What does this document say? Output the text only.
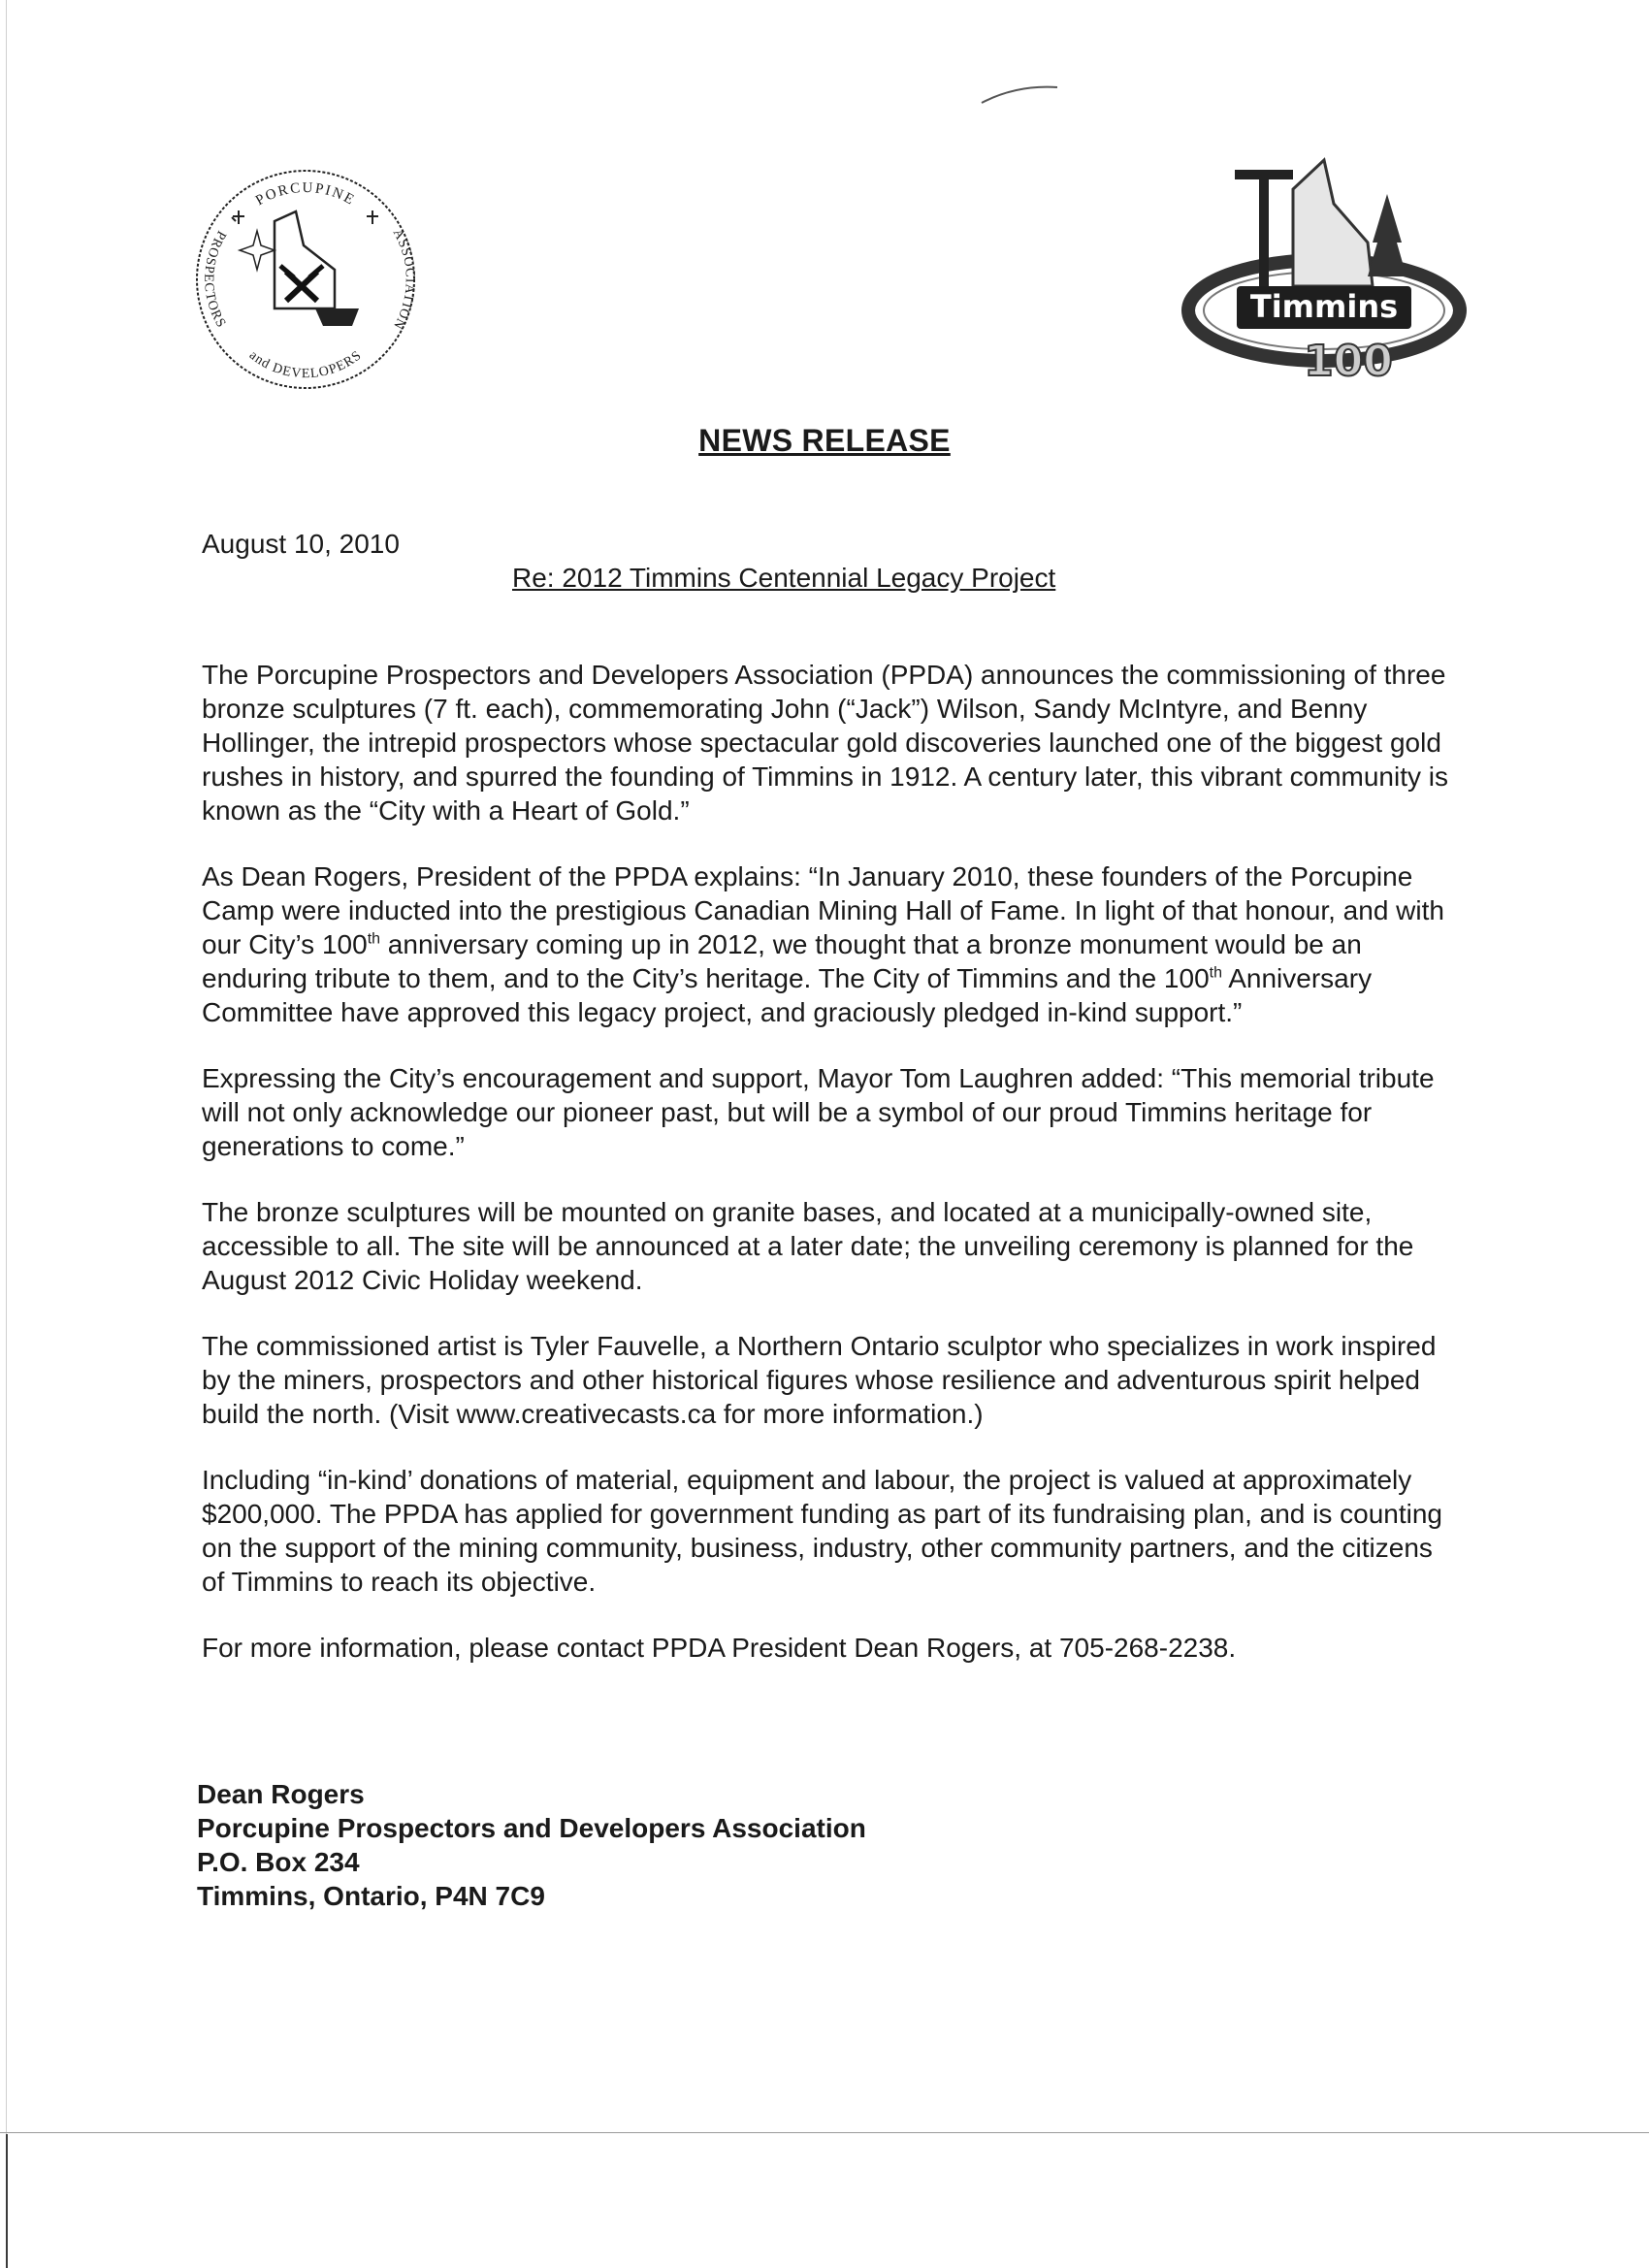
PORCUPINE
and DEVELOPERS
PROSPECTORS
ASSOCIATION	Timmins
100
NEWS RELEASE
August 10, 2010
Re: 2012 Timmins Centennial Legacy Project

The Porcupine Prospectors and Developers Association (PPDA) announces the commissioning of three bronze sculptures (7 ft. each), commemorating John (“Jack”) Wilson, Sandy McIntyre, and Benny Hollinger, the intrepid prospectors whose spectacular gold discoveries launched one of the biggest gold rushes in history, and spurred the founding of Timmins in 1912. A century later, this vibrant community is known as the “City with a Heart of Gold.”

As Dean Rogers, President of the PPDA explains: “In January 2010, these founders of the Porcupine Camp were inducted into the prestigious Canadian Mining Hall of Fame. In light of that honour, and with our City’s 100th anniversary coming up in 2012, we thought that a bronze monument would be an enduring tribute to them, and to the City’s heritage. The City of Timmins and the 100th Anniversary Committee have approved this legacy project, and graciously pledged in-kind support.”

Expressing the City’s encouragement and support, Mayor Tom Laughren added: “This memorial tribute will not only acknowledge our pioneer past, but will be a symbol of our proud Timmins heritage for generations to come.”

The bronze sculptures will be mounted on granite bases, and located at a municipally-owned site, accessible to all. The site will be announced at a later date; the unveiling ceremony is planned for the August 2012 Civic Holiday weekend.

The commissioned artist is Tyler Fauvelle, a Northern Ontario sculptor who specializes in work inspired by the miners, prospectors and other historical figures whose resilience and adventurous spirit helped build the north. (Visit www.creativecasts.ca for more information.)

Including “in-kind’ donations of material, equipment and labour, the project is valued at approximately $200,000. The PPDA has applied for government funding as part of its fundraising plan, and is counting on the support of the mining community, business, industry, other community partners, and the citizens of Timmins to reach its objective.

For more information, please contact PPDA President Dean Rogers, at 705-268-2238.

Dean Rogers
Porcupine Prospectors and Developers Association
P.O. Box 234
Timmins, Ontario, P4N 7C9
